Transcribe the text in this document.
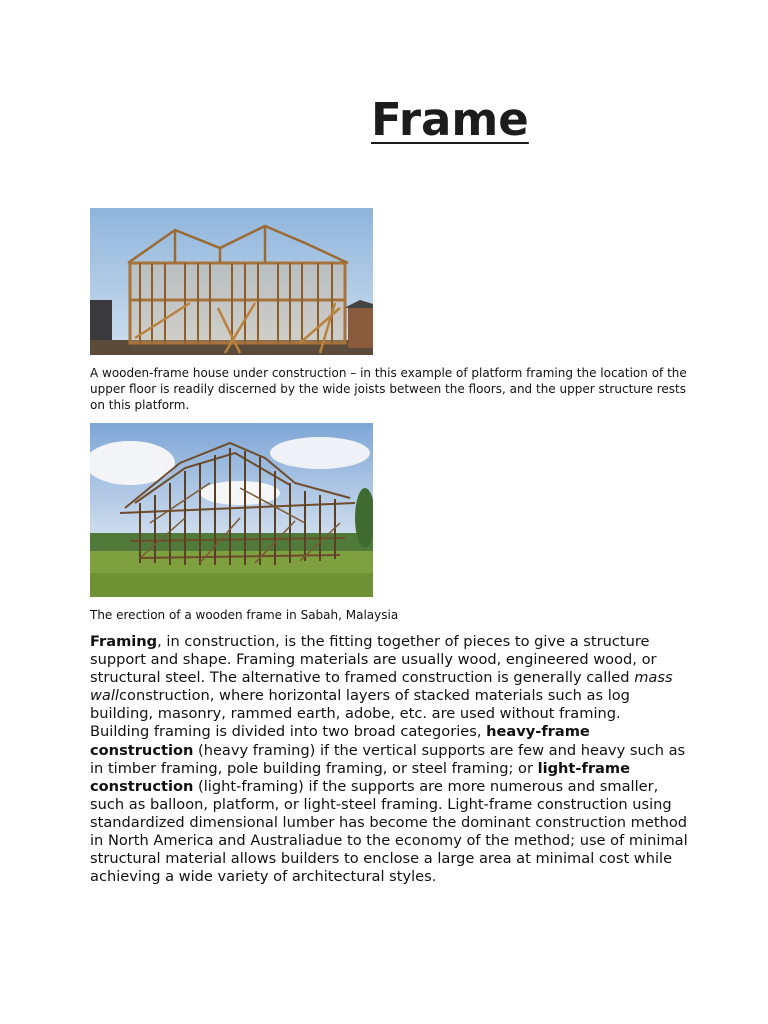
Frame

A wooden-frame house under construction – in this example of platform framing the location of the upper floor is readily discerned by the wide joists between the floors, and the upper structure rests on this platform.

The erection of a wooden frame in Sabah, Malaysia

Framing, in construction, is the fitting together of pieces to give a structure support and shape. Framing materials are usually wood, engineered wood, or structural steel. The alternative to framed construction is generally called mass wallconstruction, where horizontal layers of stacked materials such as log building, masonry, rammed earth, adobe, etc. are used without framing.
Building framing is divided into two broad categories, heavy-frame construction (heavy framing) if the vertical supports are few and heavy such as in timber framing, pole building framing, or steel framing; or light-frame construction (light-framing) if the supports are more numerous and smaller, such as balloon, platform, or light-steel framing. Light-frame construction using standardized dimensional lumber has become the dominant construction method in North America and Australiadue to the economy of the method; use of minimal structural material allows builders to enclose a large area at minimal cost while achieving a wide variety of architectural styles.
